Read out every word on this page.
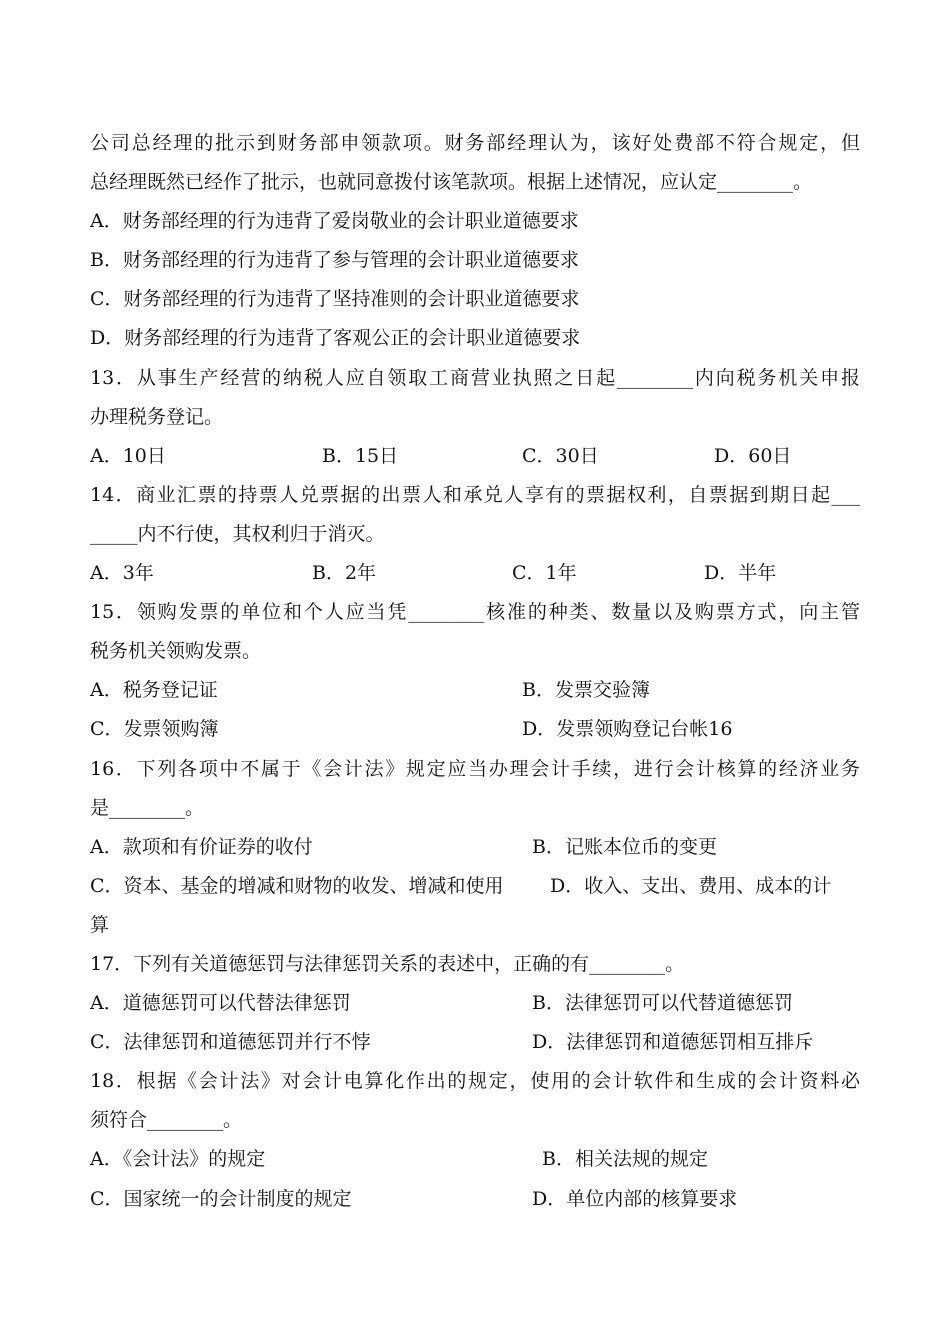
公司总经理的批示到财务部申领款项。财务部经理认为，该好处费部不符合规定，但
总经理既然已经作了批示，也就同意拨付该笔款项。根据上述情况，应认定________。
A．财务部经理的行为违背了爱岗敬业的会计职业道德要求
B．财务部经理的行为违背了参与管理的会计职业道德要求
C．财务部经理的行为违背了坚持准则的会计职业道德要求
D．财务部经理的行为违背了客观公正的会计职业道德要求
13．从事生产经营的纳税人应自领取工商营业执照之日起________内向税务机关申报
办理税务登记。
A．10日	B．15日	C．30日	D．60日
14．商业汇票的持票人兑票据的出票人和承兑人享有的票据权利，自票据到期日起___
_____内不行使，其权利归于消灭。
A．3年	B．2年	C．1年	D．半年
15．领购发票的单位和个人应当凭________核准的种类、数量以及购票方式，向主管
税务机关领购发票。
A．税务登记证	B．发票交验簿
C．发票领购簿	D．发票领购登记台帐16
16．下列各项中不属于《会计法》规定应当办理会计手续，进行会计核算的经济业务
是________。
A．款项和有价证券的收付	B．记账本位币的变更
C．资本、基金的增减和财物的收发、增减和使用 D．收入、支出、费用、成本的计
算
17．下列有关道德惩罚与法律惩罚关系的表述中，正确的有________。
A．道德惩罚可以代替法律惩罚	B．法律惩罚可以代替道德惩罚
C．法律惩罚和道德惩罚并行不悖	D．法律惩罚和道德惩罚相互排斥
18．根据《会计法》对会计电算化作出的规定，使用的会计软件和生成的会计资料必
须符合________。
A．《会计法》的规定	B．相关法规的规定
C．国家统一的会计制度的规定	D．单位内部的核算要求
